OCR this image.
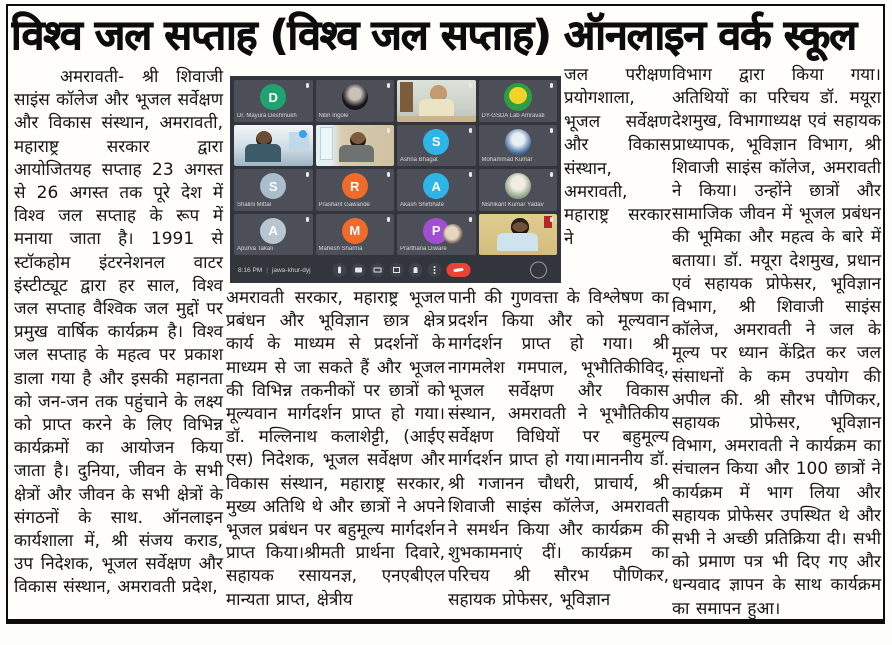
विश्व जल सप्ताह (विश्व जल सप्ताह) ऑनलाइन वर्क स्कूल
अमरावती- श्री शिवाजी साइंस कॉलेज और भूजल सर्वेक्षण और विकास संस्थान, अमरावती, महाराष्ट्र सरकार द्वारा आयोजितयह सप्ताह 23 अगस्त से 26 अगस्त तक पूरे देश में विश्व जल सप्ताह के रूप में मनाया जाता है। 1991 से स्टॉकहोम इंटरनेशनल वाटर इंस्टीट्यूट द्वारा हर साल, विश्व जल सप्ताह वैश्विक जल मुद्दों पर प्रमुख वार्षिक कार्यक्रम है। विश्व जल सप्ताह के महत्व पर प्रकाश डाला गया है और इसकी महानता को जन-जन तक पहुंचाने के लक्ष्य को प्राप्त करने के लिए विभिन्न कार्यक्रमों का आयोजन किया जाता है। दुनिया, जीवन के सभी क्षेत्रों और जीवन के सभी क्षेत्रों के संगठनों के साथ. ऑनलाइन कार्यशाला में, श्री संजय कराड, उप निदेशक, भूजल सर्वेक्षण और विकास संस्थान, अमरावती प्रदेश,
D
Dr. Mayura Deshmukh	Nitin Ingole	DY-GSDA Lab Amravati
S
Ashna Bhagat	Mohammad Kumar
S
Shalini Mittal
R
Prashant Gawande
A
Akash Shirbhate	Nishikant Kumar Yadav
A
Apurva Takali
M
Mahesh Sharma
P
Prarthana Diware
8:16 PM | jawa-khur-dyj
जल परीक्षण प्रयोगशाला, भूजल सर्वेक्षण और विकास संस्थान, अमरावती, महाराष्ट्र सरकार ने
अमरावती सरकार, महाराष्ट्र भूजल प्रबंधन और भूविज्ञान छात्र क्षेत्र कार्य के माध्यम से प्रदर्शनों के माध्यम से जा सकते हैं और भूजल की विभिन्न तकनीकों पर छात्रों को मूल्यवान मार्गदर्शन प्राप्त हो गया। डॉ. मल्लिनाथ कलाशेट्टी, (आईए एस) निदेशक, भूजल सर्वेक्षण और विकास संस्थान, महाराष्ट्र सरकार, मुख्य अतिथि थे और छात्रों ने अपने भूजल प्रबंधन पर बहुमूल्य मार्गदर्शन प्राप्त किया।श्रीमती प्रार्थना दिवारे, सहायक रसायनज्ञ, एनएबीएल मान्यता प्राप्त, क्षेत्रीय
पानी की गुणवत्ता के विश्लेषण का प्रदर्शन किया और को मूल्यवान मार्गदर्शन प्राप्त हो गया। श्री नागमलेश गमपाल, भूभौतिकीविद्, भूजल सर्वेक्षण और विकास संस्थान, अमरावती ने भूभौतिकीय सर्वेक्षण विधियों पर बहुमूल्य मार्गदर्शन प्राप्त हो गया।माननीय डॉ. श्री गजानन चौधरी, प्राचार्य, श्री शिवाजी साइंस कॉलेज, अमरावती ने समर्थन किया और कार्यक्रम की शुभकामनाएं दीं। कार्यक्रम का परिचय श्री सौरभ पौणिकर, सहायक प्रोफेसर, भूविज्ञान
विभाग द्वारा किया गया। अतिथियों का परिचय डॉ. मयूरा देशमुख, विभागाध्यक्ष एवं सहायक प्राध्यापक, भूविज्ञान विभाग, श्री शिवाजी साइंस कॉलेज, अमरावती ने किया। उन्होंने छात्रों और सामाजिक जीवन में भूजल प्रबंधन की भूमिका और महत्व के बारे में बताया। डॉ. मयूरा देशमुख, प्रधान एवं सहायक प्रोफेसर, भूविज्ञान विभाग, श्री शिवाजी साइंस कॉलेज, अमरावती ने जल के मूल्य पर ध्यान केंद्रित कर जल संसाधनों के कम उपयोग की अपील की. श्री सौरभ पौणिकर, सहायक प्रोफेसर, भूविज्ञान विभाग, अमरावती ने कार्यक्रम का संचालन किया और 100 छात्रों ने कार्यक्रम में भाग लिया और सहायक प्रोफेसर उपस्थित थे और सभी ने अच्छी प्रतिक्रिया दी। सभी को प्रमाण पत्र भी दिए गए और धन्यवाद ज्ञापन के साथ कार्यक्रम का समापन हुआ।
